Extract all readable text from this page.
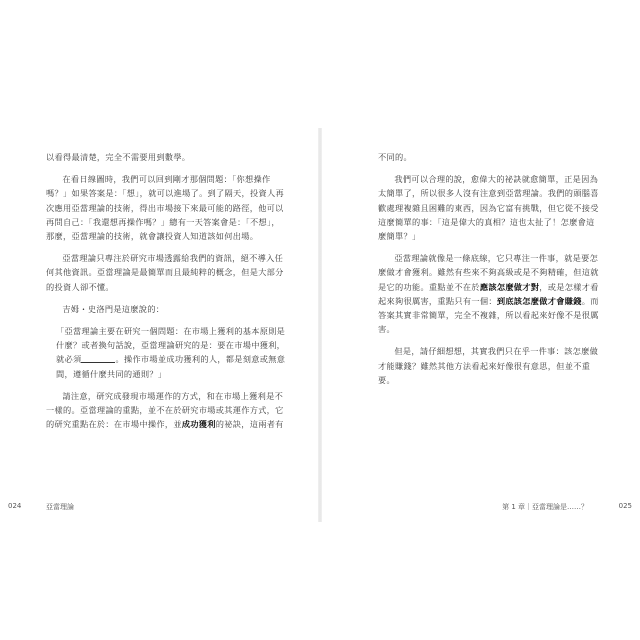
以看得最清楚，完全不需要用到數學。

在看日線圖時，我們可以回到剛才那個問題：「你想操作嗎？」如果答案是：「想」，就可以進場了。到了隔天，投資人再次應用亞當理論的技術，得出市場接下來最可能的路徑，他可以再問自己：「我還想再操作嗎？」總有一天答案會是：「不想」，那麼，亞當理論的技術，就會讓投資人知道該如何出場。

亞當理論只專注於研究市場透露給我們的資訊，絕不導入任何其他資訊。亞當理論是最簡單而且最純粹的概念，但是大部分的投資人卻不懂。

吉姆・史洛門是這麼說的：

「亞當理論主要在研究一個問題：在市場上獲利的基本原則是什麼？或者換句話說，亞當理論研究的是：要在市場中獲利，就必須	。操作市場並成功獲利的人，都是刻意或無意間，遵循什麼共同的通則？」

請注意，研究成發現市場運作的方式，和在市場上獲利是不一樣的。亞當理論的重點，並不在於研究市場或其運作方式，它的研究重點在於：在市場中操作，並成功獲利的祕訣，這兩者有

024	亞當理論

不同的。

我們可以合理的說，愈偉大的祕訣就愈簡單，正是因為太簡單了，所以很多人沒有注意到亞當理論。我們的頭腦喜歡處理複雜且困難的東西，因為它富有挑戰，但它從不接受這麼簡單的事：「這是偉大的真相？這也太扯了！怎麼會這麼簡單？」

亞當理論就像是一條底線，它只專注一件事，就是要怎麼做才會獲利。雖然有些來不夠高級或是不夠精確，但這就是它的功能。重點並不在於應該怎麼做才對，或是怎樣才看起來夠很厲害，重點只有一個：到底該怎麼做才會賺錢。而答案其實非常簡單，完全不複雜，所以看起來好像不是很厲害。

但是，請仔細想想，其實我們只在乎一件事：該怎麼做才能賺錢？雖然其他方法看起來好像很有意思，但並不重要。

第 1 章｜亞當理論是……？	025
